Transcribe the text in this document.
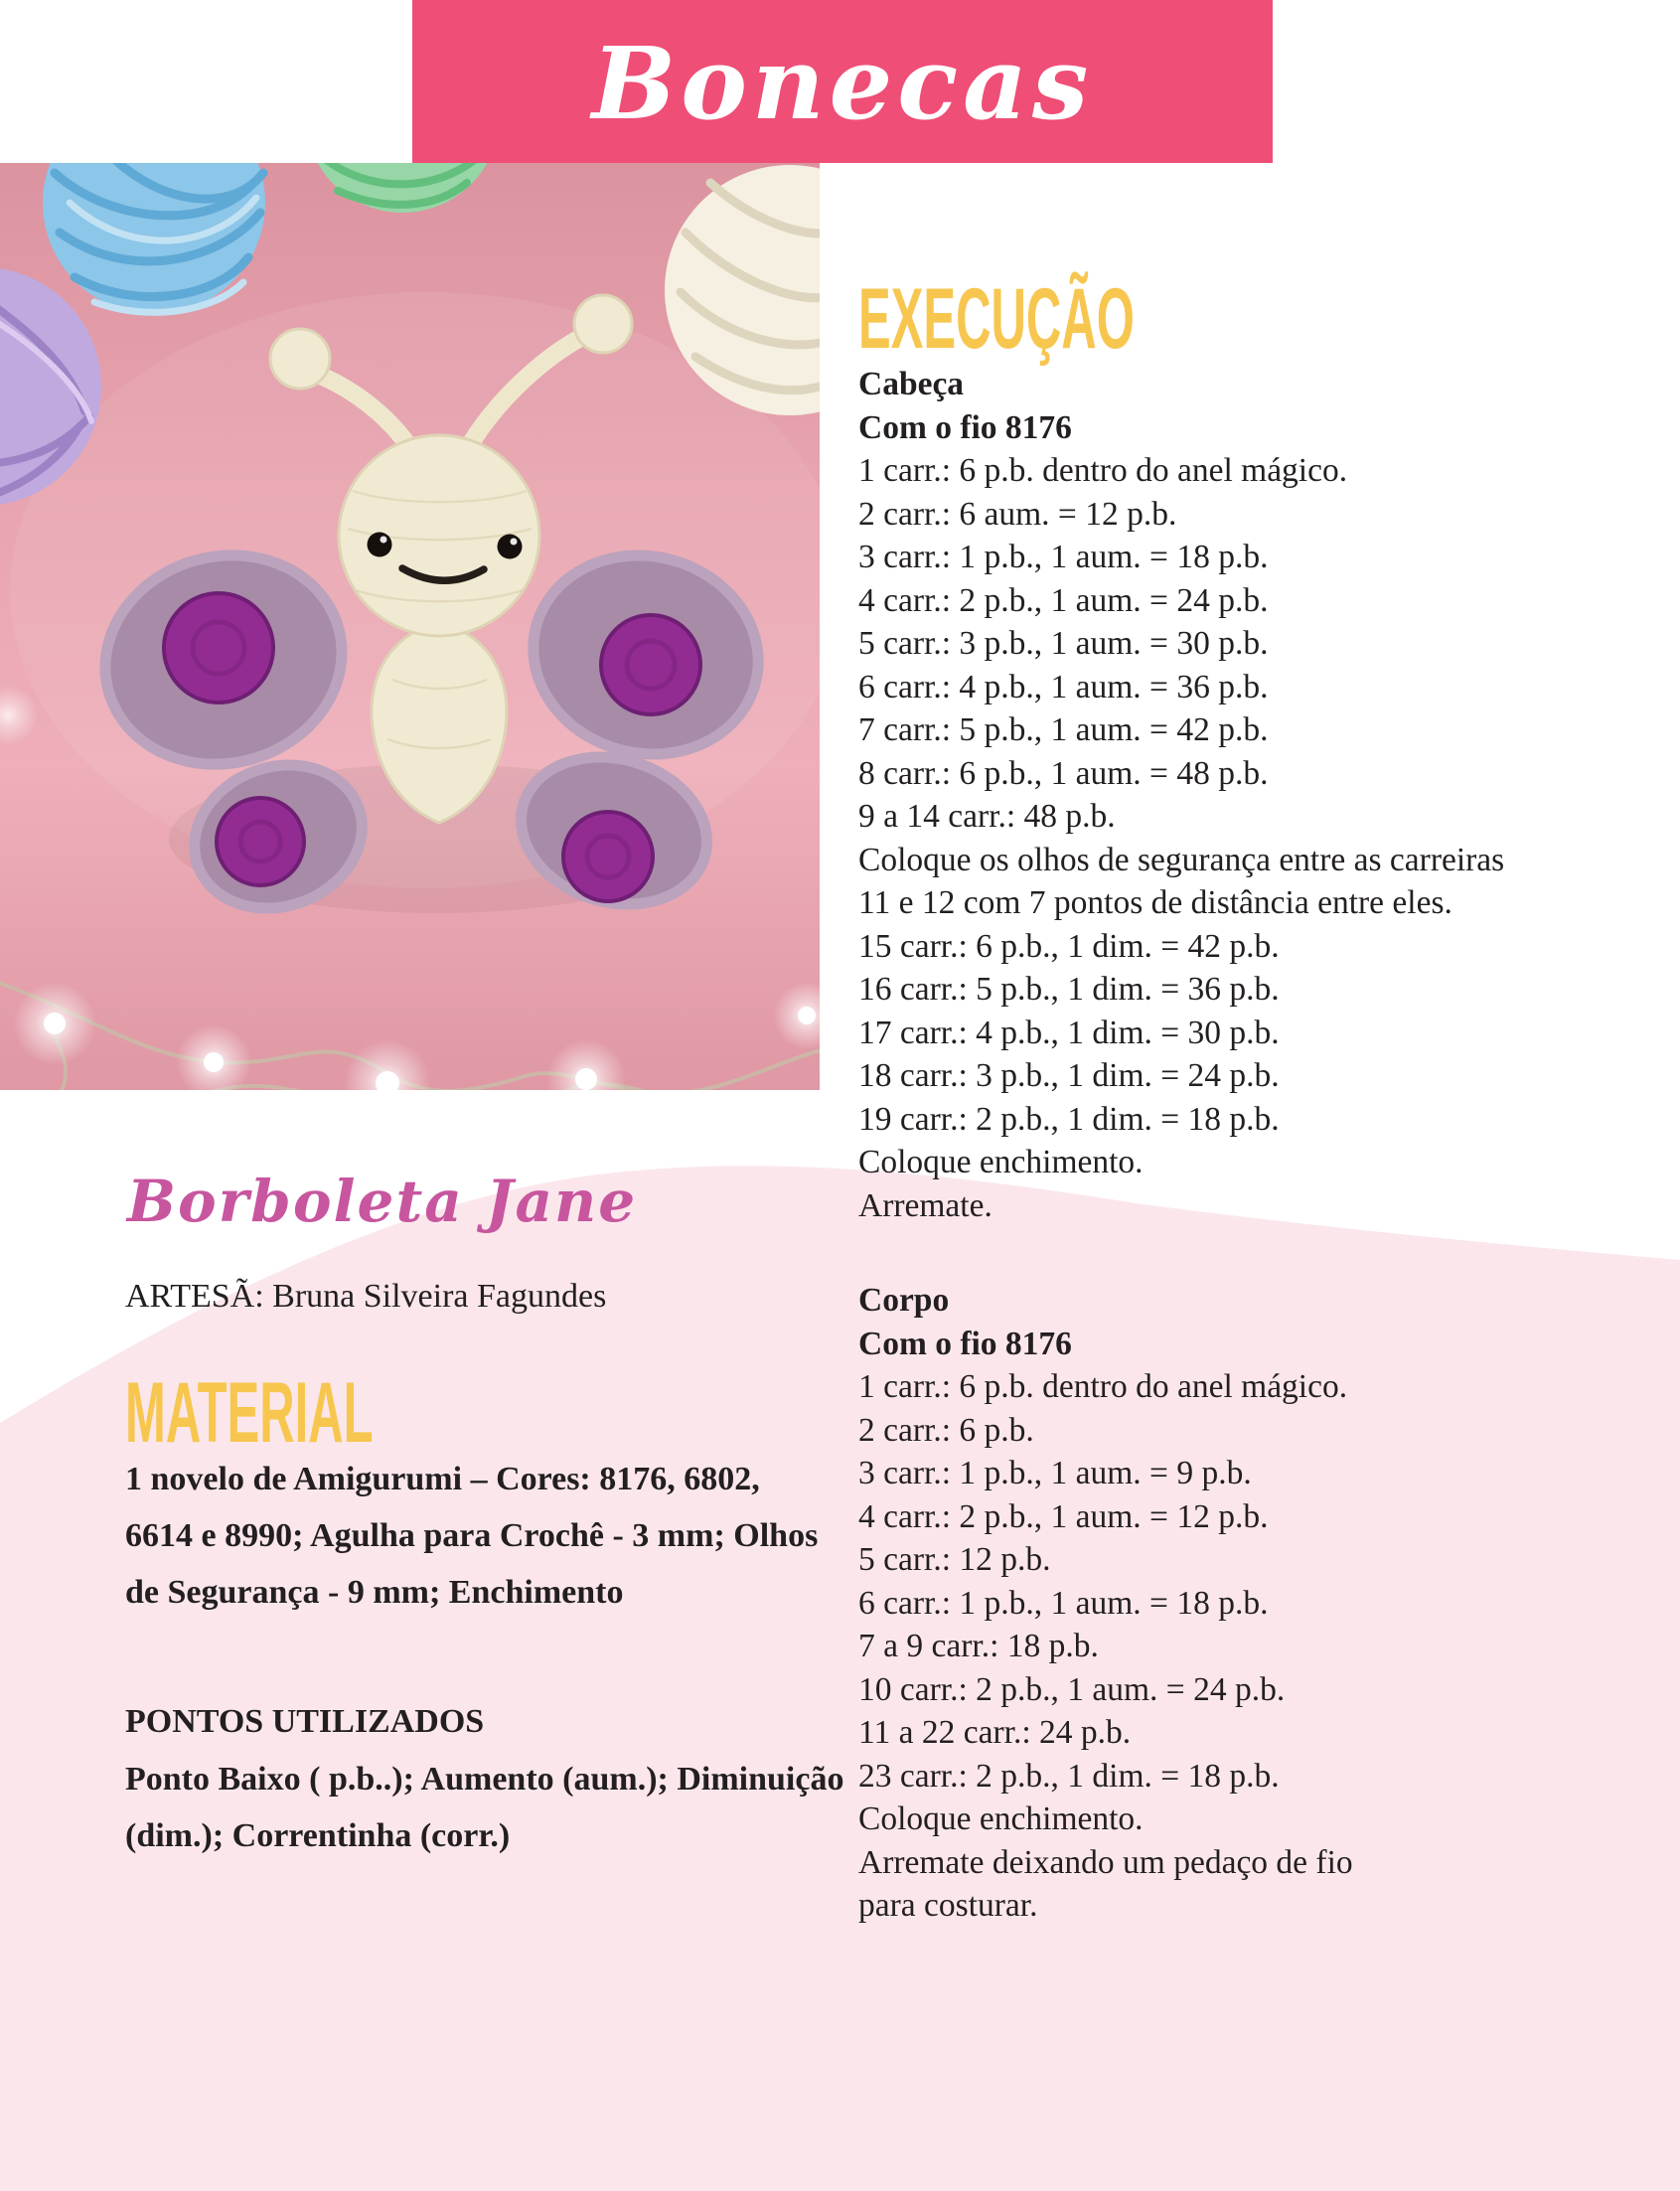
Bonecas
Borboleta Jane
ARTESÃ: Bruna Silveira Fagundes
MATERIAL
1 novelo de Amigurumi – Cores: 8176, 6802,
6614 e 8990; Agulha para Crochê - 3 mm; Olhos
de Segurança - 9 mm; Enchimento
PONTOS UTILIZADOS
Ponto Baixo ( p.b..); Aumento (aum.); Diminuição
(dim.); Correntinha (corr.)
EXECUÇÃO
Cabeça
Com o fio 8176
1 carr.: 6 p.b. dentro do anel mágico.
2 carr.: 6 aum. = 12 p.b.
3 carr.: 1 p.b., 1 aum. = 18 p.b.
4 carr.: 2 p.b., 1 aum. = 24 p.b.
5 carr.: 3 p.b., 1 aum. = 30 p.b.
6 carr.: 4 p.b., 1 aum. = 36 p.b.
7 carr.: 5 p.b., 1 aum. = 42 p.b.
8 carr.: 6 p.b., 1 aum. = 48 p.b.
9 a 14 carr.: 48 p.b.
Coloque os olhos de segurança entre as carreiras
11 e 12 com 7 pontos de distância entre eles.
15 carr.: 6 p.b., 1 dim. = 42 p.b.
16 carr.: 5 p.b., 1 dim. = 36 p.b.
17 carr.: 4 p.b., 1 dim. = 30 p.b.
18 carr.: 3 p.b., 1 dim. = 24 p.b.
19 carr.: 2 p.b., 1 dim. = 18 p.b.
Coloque enchimento.
Arremate.
Corpo
Com o fio 8176
1 carr.: 6 p.b. dentro do anel mágico.
2 carr.: 6 p.b.
3 carr.: 1 p.b., 1 aum. = 9 p.b.
4 carr.: 2 p.b., 1 aum. = 12 p.b.
5 carr.: 12 p.b.
6 carr.: 1 p.b., 1 aum. = 18 p.b.
7 a 9 carr.: 18 p.b.
10 carr.: 2 p.b., 1 aum. = 24 p.b.
11 a 22 carr.: 24 p.b.
23 carr.: 2 p.b., 1 dim. = 18 p.b.
Coloque enchimento.
Arremate deixando um pedaço de fio
para costurar.
